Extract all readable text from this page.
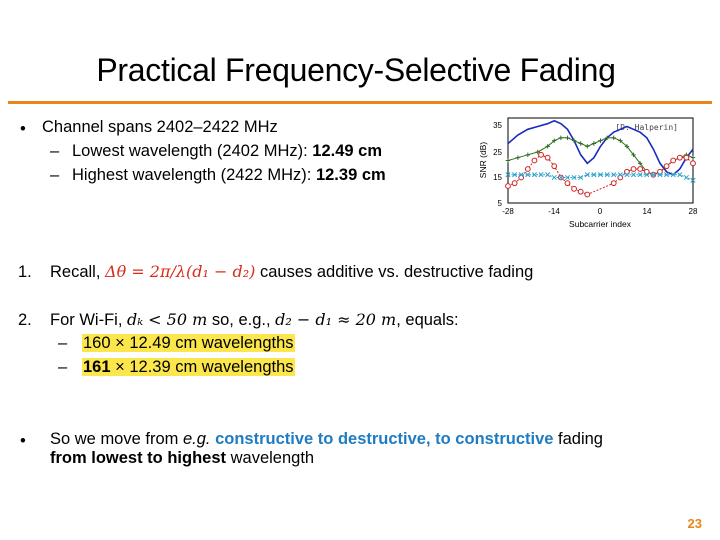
Practical Frequency-Selective Fading
• Channel spans 2402–2422 MHz
– Lowest wavelength (2402 MHz): 12.49 cm
– Highest wavelength (2422 MHz): 12.39 cm
[D. Halperin]
35
25
15
5
SNR (dB)
-28	-14	0	14	28
Subcarrier index
1. Recall, Δθ = 2π/λ(d₁ − d₂) causes additive vs. destructive fading
2. For Wi-Fi, dₖ < 50 m so, e.g., d₂ − d₁ ≈ 20 m, equals:
– 160 × 12.49 cm wavelengths
– 161 × 12.39 cm wavelengths
• So we move from e.g. constructive to destructive, to constructive fading
from lowest to highest wavelength
23
